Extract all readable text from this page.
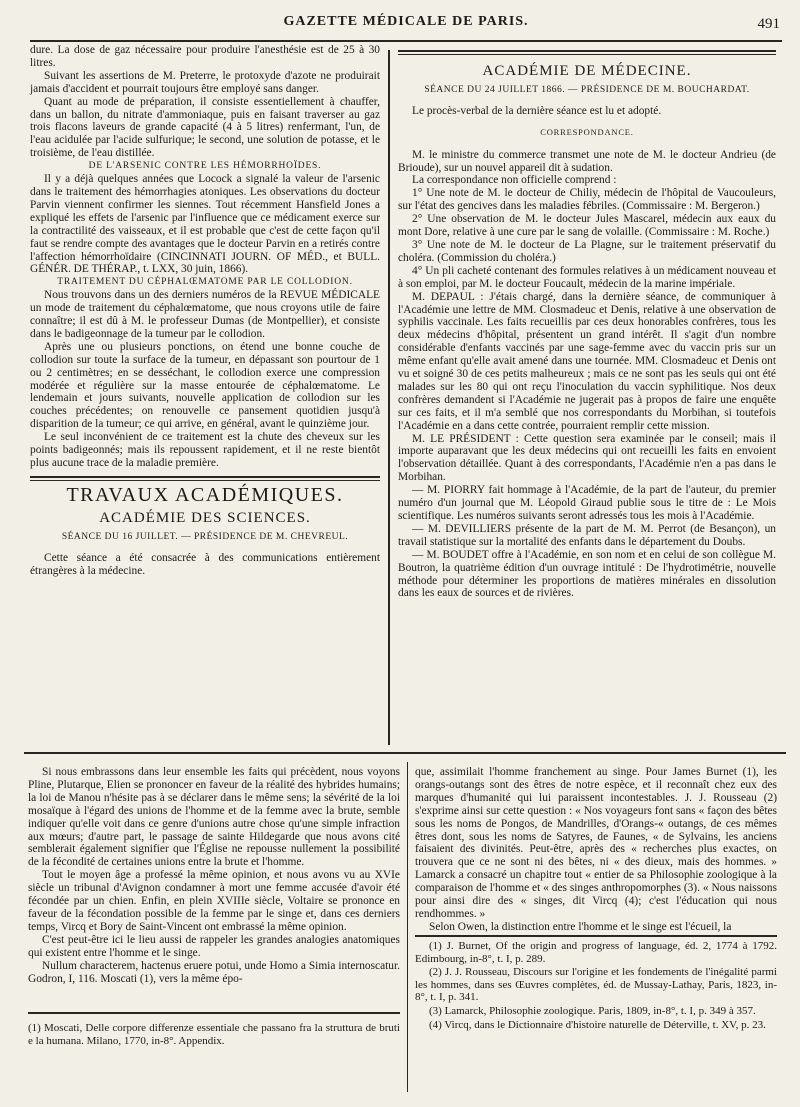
GAZETTE MÉDICALE DE PARIS.	491

dure. La dose de gaz nécessaire pour produire l'anesthésie est de 25 à 30 litres.

Suivant les assertions de M. Preterre, le protoxyde d'azote ne produirait jamais d'accident et pourrait toujours être employé sans danger.

Quant au mode de préparation, il consiste essentiellement à chauffer, dans un ballon, du nitrate d'ammoniaque, puis en faisant traverser au gaz trois flacons laveurs de grande capacité (4 à 5 litres) renfermant, l'un, de l'eau acidulée par l'acide sulfurique; le second, une solution de potasse, et le troisième, de l'eau distillée.

DE L'ARSENIC CONTRE LES HÉMORRHOÏDES.

Il y a déjà quelques années que Locock a signalé la valeur de l'arsenic dans le traitement des hémorrhagies atoniques. Les observations du docteur Parvin viennent confirmer les siennes. Tout récemment Hansfield Jones a expliqué les effets de l'arsenic par l'influence que ce médicament exerce sur la contractilité des vaisseaux, et il est probable que c'est de cette façon qu'il faut se rendre compte des avantages que le docteur Parvin en a retirés contre l'affection hémorrhoïdaire (CINCINNATI JOURN. OF MÉD., et BULL. GÉNÉR. DE THÉRAP., t. LXX, 30 juin, 1866).

TRAITEMENT DU CÉPHALŒMATOME PAR LE COLLODION.

Nous trouvons dans un des derniers numéros de la REVUE MÉDICALE un mode de traitement du céphalœmatome, que nous croyons utile de faire connaître; il est dû à M. le professeur Dumas (de Montpellier), et consiste dans le badigeonnage de la tumeur par le collodion.

Après une ou plusieurs ponctions, on étend une bonne couche de collodion sur toute la surface de la tumeur, en dépassant son pourtour de 1 ou 2 centimètres; en se desséchant, le collodion exerce une compression modérée et régulière sur la masse entourée de céphalœmatome. Le lendemain et jours suivants, nouvelle application de collodion sur les couches précédentes; on renouvelle ce pansement quotidien jusqu'à disparition de la tumeur; ce qui arrive, en général, avant le quinzième jour.

Le seul inconvénient de ce traitement est la chute des cheveux sur les points badigeonnés; mais ils repoussent rapidement, et il ne reste bientôt plus aucune trace de la maladie première.

TRAVAUX ACADÉMIQUES.
ACADÉMIE DES SCIENCES.
SÉANCE DU 16 JUILLET. — PRÉSIDENCE DE M. CHEVREUL.

Cette séance a été consacrée à des communications entièrement étrangères à la médecine.

ACADÉMIE DE MÉDECINE.
SÉANCE DU 24 JUILLET 1866. — PRÉSIDENCE DE M. BOUCHARDAT.

Le procès-verbal de la dernière séance est lu et adopté.

CORRESPONDANCE.

M. le ministre du commerce transmet une note de M. le docteur Andrieu (de Brioude), sur un nouvel appareil dit à sudation.

La correspondance non officielle comprend :

1° Une note de M. le docteur de Chiliy, médecin de l'hôpital de Vaucouleurs, sur l'état des gencives dans les maladies fébriles. (Commissaire : M. Bergeron.)

2° Une observation de M. le docteur Jules Mascarel, médecin aux eaux du mont Dore, relative à une cure par le sang de volaille. (Commissaire : M. Roche.)

3° Une note de M. le docteur de La Plagne, sur le traitement préservatif du choléra. (Commission du choléra.)

4° Un pli cacheté contenant des formules relatives à un médicament nouveau et à son emploi, par M. le docteur Foucault, médecin de la marine impériale.

M. DEPAUL : J'étais chargé, dans la dernière séance, de communiquer à l'Académie une lettre de MM. Closmadeuc et Denis, relative à une observation de syphilis vaccinale. Les faits recueillis par ces deux honorables confrères, tous les deux médecins d'hôpital, présentent un grand intérêt. Il s'agit d'un nombre considérable d'enfants vaccinés par une sage-femme avec du vaccin pris sur un même enfant qu'elle avait amené dans une tournée. MM. Closmadeuc et Denis ont vu et soigné 30 de ces petits malheureux ; mais ce ne sont pas les seuls qui ont été malades sur les 80 qui ont reçu l'inoculation du vaccin syphilitique. Nos deux confrères demandent si l'Académie ne jugerait pas à propos de faire une enquête sur ces faits, et il m'a semblé que nos correspondants du Morbihan, si toutefois l'Académie en a dans cette contrée, pourraient remplir cette mission.

M. LE PRÉSIDENT : Cette question sera examinée par le conseil; mais il importe auparavant que les deux médecins qui ont recueilli les faits en envoient l'observation détaillée. Quant à des correspondants, l'Académie n'en a pas dans le Morbihan.

— M. PIORRY fait hommage à l'Académie, de la part de l'auteur, du premier numéro d'un journal que M. Léopold Giraud publie sous le titre de : Le Mois scientifique. Les numéros suivants seront adressés tous les mois à l'Académie.

— M. DEVILLIERS présente de la part de M. M. Perrot (de Besançon), un travail statistique sur la mortalité des enfants dans le département du Doubs.

— M. BOUDET offre à l'Académie, en son nom et en celui de son collègue M. Boutron, la quatrième édition d'un ouvrage intitulé : De l'hydrotimétrie, nouvelle méthode pour déterminer les proportions de matières minérales en dissolution dans les eaux de sources et de rivières.

Si nous embrassons dans leur ensemble les faits qui précèdent, nous voyons Pline, Plutarque, Elien se prononcer en faveur de la réalité des hybrides humains; la loi de Manou n'hésite pas à se déclarer dans le même sens; la sévérité de la loi mosaïque à l'égard des unions de l'homme et de la femme avec la brute, semble indiquer qu'elle voit dans ce genre d'unions autre chose qu'une simple infraction aux mœurs; d'autre part, le passage de sainte Hildegarde que nous avons cité semblerait également signifier que l'Église ne repousse nullement la possibilité de la fécondité de certaines unions entre la brute et l'homme.

Tout le moyen âge a professé la même opinion, et nous avons vu au XVIe siècle un tribunal d'Avignon condamner à mort une femme accusée d'avoir été fécondée par un chien. Enfin, en plein XVIIIe siècle, Voltaire se prononce en faveur de la fécondation possible de la femme par le singe et, dans ces derniers temps, Vircq et Bory de Saint-Vincent ont embrassé la même opinion.

C'est peut-être ici le lieu aussi de rappeler les grandes analogies anatomiques qui existent entre l'homme et le singe.

Nullum characterem, hactenus eruere potui, unde Homo a Simia internoscatur. Godron, I, 116. Moscati (1), vers la même épo-

(1) Moscati, Delle corpore differenze essentiale che passano fra la struttura de bruti e la humana. Milano, 1770, in-8°. Appendix.

que, assimilait l'homme franchement au singe. Pour James Burnet (1), les orangs-outangs sont des êtres de notre espèce, et il reconnaît chez eux des marques d'humanité qui lui paraissent incontestables. J. J. Rousseau (2) s'exprime ainsi sur cette question : « Nos voyageurs font sans « façon des bêtes sous les noms de Pongos, de Mandrilles, d'Orangs-« outangs, de ces mêmes êtres dont, sous les noms de Satyres, de Faunes, « de Sylvains, les anciens faisaient des divinités. Peut-être, après des « recherches plus exactes, on trouvera que ce ne sont ni des bêtes, ni « des dieux, mais des hommes. » Lamarck a consacré un chapitre tout « entier de sa Philosophie zoologique à la comparaison de l'homme et « des singes anthropomorphes (3). « Nous naissons pour ainsi dire des « singes, dit Vircq (4); c'est l'éducation qui nous rendhommes. »

Selon Owen, la distinction entre l'homme et le singe est l'écueil, la

(1) J. Burnet, Of the origin and progress of language, éd. 2, 1774 à 1792. Edimbourg, in-8°, t. I, p. 289.

(2) J. J. Rousseau, Discours sur l'origine et les fondements de l'inégalité parmi les hommes, dans ses Œuvres complètes, éd. de Mussay-Lathay, Paris, 1823, in-8°, t. I, p. 341.

(3) Lamarck, Philosophie zoologique. Paris, 1809, in-8°, t. I, p. 349 à 357.

(4) Vircq, dans le Dictionnaire d'histoire naturelle de Déterville, t. XV, p. 23.
